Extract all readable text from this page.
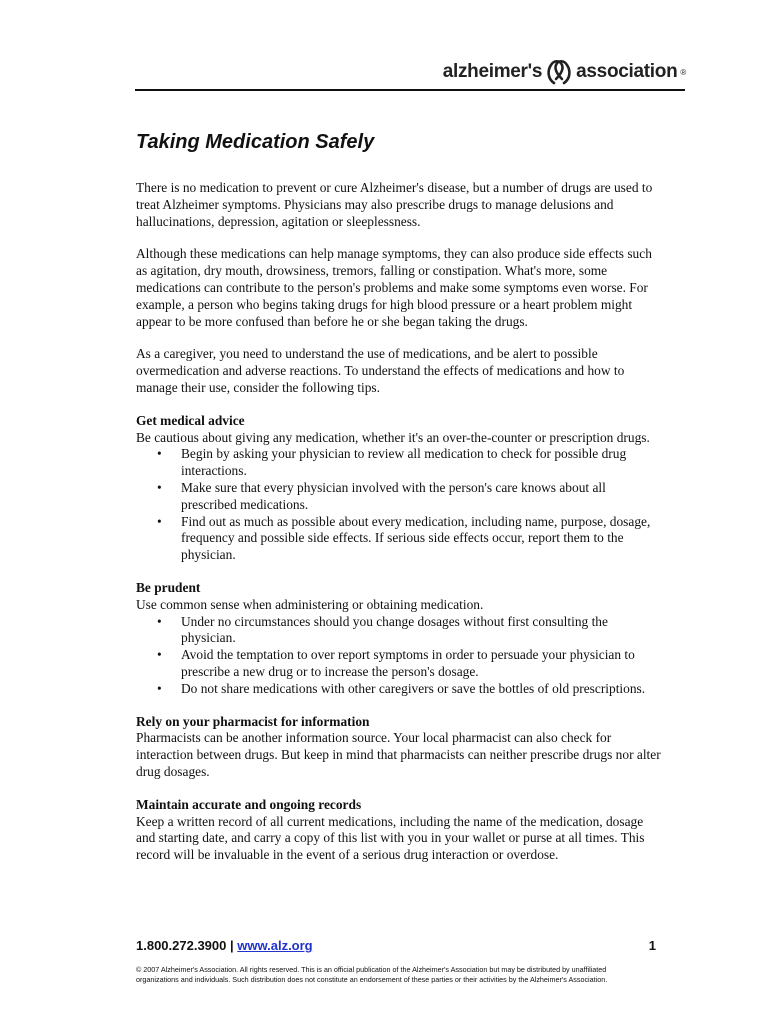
alzheimer's association ®
Taking Medication Safely

There is no medication to prevent or cure Alzheimer's disease, but a number of drugs are used to treat Alzheimer symptoms. Physicians may also prescribe drugs to manage delusions and hallucinations, depression, agitation or sleeplessness.

Although these medications can help manage symptoms, they can also produce side effects such as agitation, dry mouth, drowsiness, tremors, falling or constipation. What's more, some medications can contribute to the person's problems and make some symptoms even worse. For example, a person who begins taking drugs for high blood pressure or a heart problem might appear to be more confused than before he or she began taking the drugs.

As a caregiver, you need to understand the use of medications, and be alert to possible overmedication and adverse reactions. To understand the effects of medications and how to manage their use, consider the following tips.

Get medical advice
Be cautious about giving any medication, whether it's an over-the-counter or prescription drugs.
• Begin by asking your physician to review all medication to check for possible drug interactions.
• Make sure that every physician involved with the person's care knows about all prescribed medications.
• Find out as much as possible about every medication, including name, purpose, dosage, frequency and possible side effects. If serious side effects occur, report them to the physician.
Be prudent
Use common sense when administering or obtaining medication.
• Under no circumstances should you change dosages without first consulting the physician.
• Avoid the temptation to over report symptoms in order to persuade your physician to prescribe a new drug or to increase the person's dosage.
• Do not share medications with other caregivers or save the bottles of old prescriptions.
Rely on your pharmacist for information
Pharmacists can be another information source. Your local pharmacist can also check for interaction between drugs. But keep in mind that pharmacists can neither prescribe drugs nor alter drug dosages.
Maintain accurate and ongoing records
Keep a written record of all current medications, including the name of the medication, dosage and starting date, and carry a copy of this list with you in your wallet or purse at all times. This record will be invaluable in the event of a serious drug interaction or overdose.
1.800.272.3900 | www.alz.org	1
© 2007 Alzheimer's Association. All rights reserved. This is an official publication of the Alzheimer's Association but may be distributed by unaffiliated organizations and individuals. Such distribution does not constitute an endorsement of these parties or their activities by the Alzheimer's Association.
